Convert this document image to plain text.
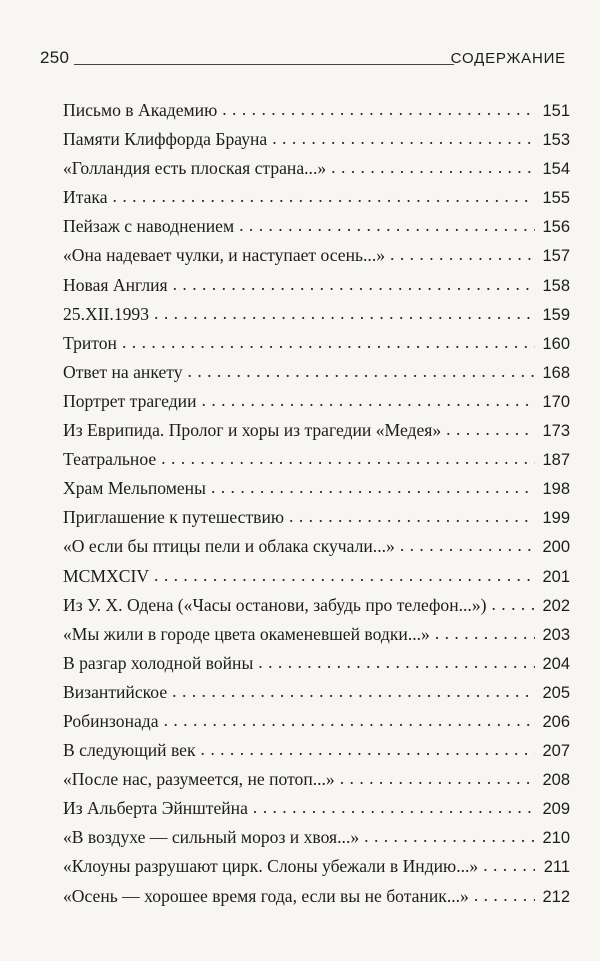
250	СОДЕРЖАНИЕ
Письмо в Академию . . .	151
Памяти Клиффорда Брауна . . .	153
«Голландия есть плоская страна...» . . .	154
Итака . . .	155
Пейзаж с наводнением . . .	156
«Она надевает чулки, и наступает осень...» . . .	157
Новая Англия . . .	158
25.XII.1993 . . .	159
Тритон . . .	160
Ответ на анкету . . .	168
Портрет трагедии . . .	170
Из Еврипида. Пролог и хоры из трагедии «Медея» . . .	173
Театральное . . .	187
Храм Мельпомены . . .	198
Приглашение к путешествию . . .	199
«О если бы птицы пели и облака скучали...» . . .	200
MCMXCIV . . .	201
Из У. Х. Одена («Часы останови, забудь про телефон...») . . .	202
«Мы жили в городе цвета окаменевшей водки...» . . .	203
В разгар холодной войны . . .	204
Византийское . . .	205
Робинзонада . . .	206
В следующий век . . .	207
«После нас, разумеется, не потоп...» . . .	208
Из Альберта Эйнштейна . . .	209
«В воздухе — сильный мороз и хвоя...» . . .	210
«Клоуны разрушают цирк. Слоны убежали в Индию...» . . .	211
«Осень — хорошее время года, если вы не ботаник...» . . .	212
